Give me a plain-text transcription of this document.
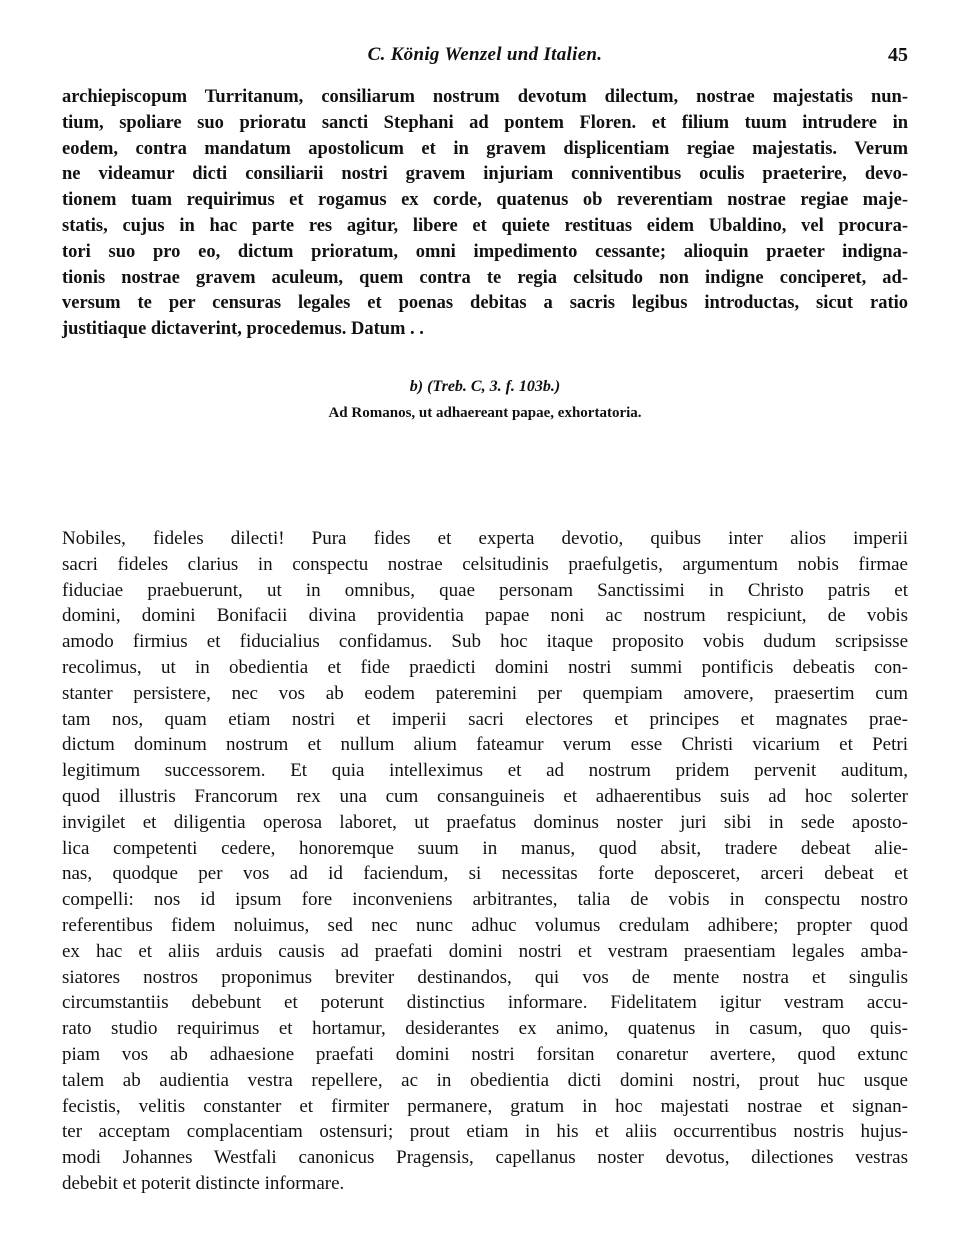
C. König Wenzel und Italien.	45
archiepiscopum Turritanum, consiliarum nostrum devotum dilectum, nostrae majestatis nun-
tium, spoliare suo prioratu sancti Stephani ad pontem Floren. et filium tuum intrudere in
eodem, contra mandatum apostolicum et in gravem displicentiam regiae majestatis. Verum
ne videamur dicti consiliarii nostri gravem injuriam conniventibus oculis praeterire, devo-
tionem tuam requirimus et rogamus ex corde, quatenus ob reverentiam nostrae regiae maje-
statis, cujus in hac parte res agitur, libere et quiete restituas eidem Ubaldino, vel procura-
tori suo pro eo, dictum prioratum, omni impedimento cessante; alioquin praeter indigna-
tionis nostrae gravem aculeum, quem contra te regia celsitudo non indigne conciperet, ad-
versum te per censuras legales et poenas debitas a sacris legibus introductas, sicut ratio
justitiaque dictaverint, procedemus. Datum . .
b) (Treb. C, 3. f. 103b.)
Ad Romanos, ut adhaereant papae, exhortatoria.
Nobiles, fideles dilecti! Pura fides et experta devotio, quibus inter alios imperii
sacri fideles clarius in conspectu nostrae celsitudinis praefulgetis, argumentum nobis firmae
fiduciae praebuerunt, ut in omnibus, quae personam Sanctissimi in Christo patris et
domini, domini Bonifacii divina providentia papae noni ac nostrum respiciunt, de vobis
amodo firmius et fiducialius confidamus. Sub hoc itaque proposito vobis dudum scripsisse
recolimus, ut in obedientia et fide praedicti domini nostri summi pontificis debeatis con-
stanter persistere, nec vos ab eodem pateremini per quempiam amovere, praesertim cum
tam nos, quam etiam nostri et imperii sacri electores et principes et magnates prae-
dictum dominum nostrum et nullum alium fateamur verum esse Christi vicarium et Petri
legitimum successorem. Et quia intelleximus et ad nostrum pridem pervenit auditum,
quod illustris Francorum rex una cum consanguineis et adhaerentibus suis ad hoc solerter
invigilet et diligentia operosa laboret, ut praefatus dominus noster juri sibi in sede aposto-
lica competenti cedere, honoremque suum in manus, quod absit, tradere debeat alie-
nas, quodque per vos ad id faciendum, si necessitas forte deposceret, arceri debeat et
compelli: nos id ipsum fore inconveniens arbitrantes, talia de vobis in conspectu nostro
referentibus fidem noluimus, sed nec nunc adhuc volumus credulam adhibere; propter quod
ex hac et aliis arduis causis ad praefati domini nostri et vestram praesentiam legales amba-
siatores nostros proponimus breviter destinandos, qui vos de mente nostra et singulis
circumstantiis debebunt et poterunt distinctius informare. Fidelitatem igitur vestram accu-
rato studio requirimus et hortamur, desiderantes ex animo, quatenus in casum, quo quis-
piam vos ab adhaesione praefati domini nostri forsitan conaretur avertere, quod extunc
talem ab audientia vestra repellere, ac in obedientia dicti domini nostri, prout huc usque
fecistis, velitis constanter et firmiter permanere, gratum in hoc majestati nostrae et signan-
ter acceptam complacentiam ostensuri; prout etiam in his et aliis occurrentibus nostris hujus-
modi Johannes Westfali canonicus Pragensis, capellanus noster devotus, dilectiones vestras
debebit et poterit distincte informare.
